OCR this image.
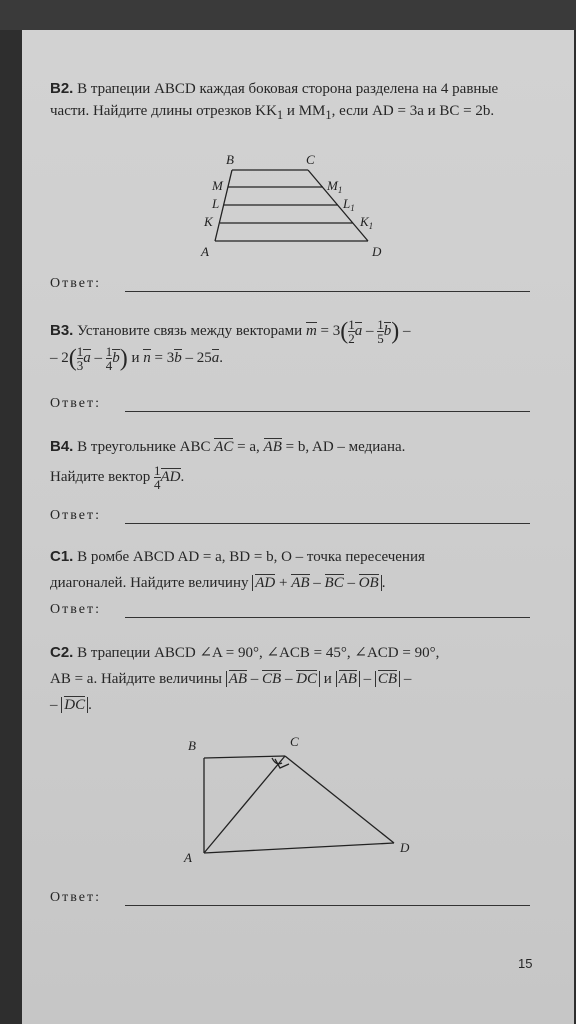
B2. В трапеции ABCD каждая боковая сторона разделена на 4 равные части. Найдите длины отрезков $KK_1$ и $MM_1$, если AD = 3a и BC = 2b.
B	C
M	$M_1$
L	$L_1$
K	$K_1$
A	D
Ответ:
B3. Установите связь между векторами $m = 3( \frac{1}{2}$ a – $\frac{1}{5} b$) –
– $2( \frac{1}{3}$ a – $\frac{1}{4} b$) и n = 3b – 25a.
Ответ:
B4. В треугольнике ABC AC = a, AB = b, AD – медиана.
Найдите вектор $\frac{1}{4}$ AD.
Ответ:
C1. В ромбе ABCD AD = a, BD = b, O – точка пересечения
диагоналей. Найдите величину AD + AB – BC – OB .
Ответ:
C2. В трапеции ABCD ∠A = 90°, ∠ACB = 45°, ∠ACD = 90°,
AB = a. Найдите величины AB – CB – DC и AB – CB –
– DC .
B	C
A
D
Ответ:
15
